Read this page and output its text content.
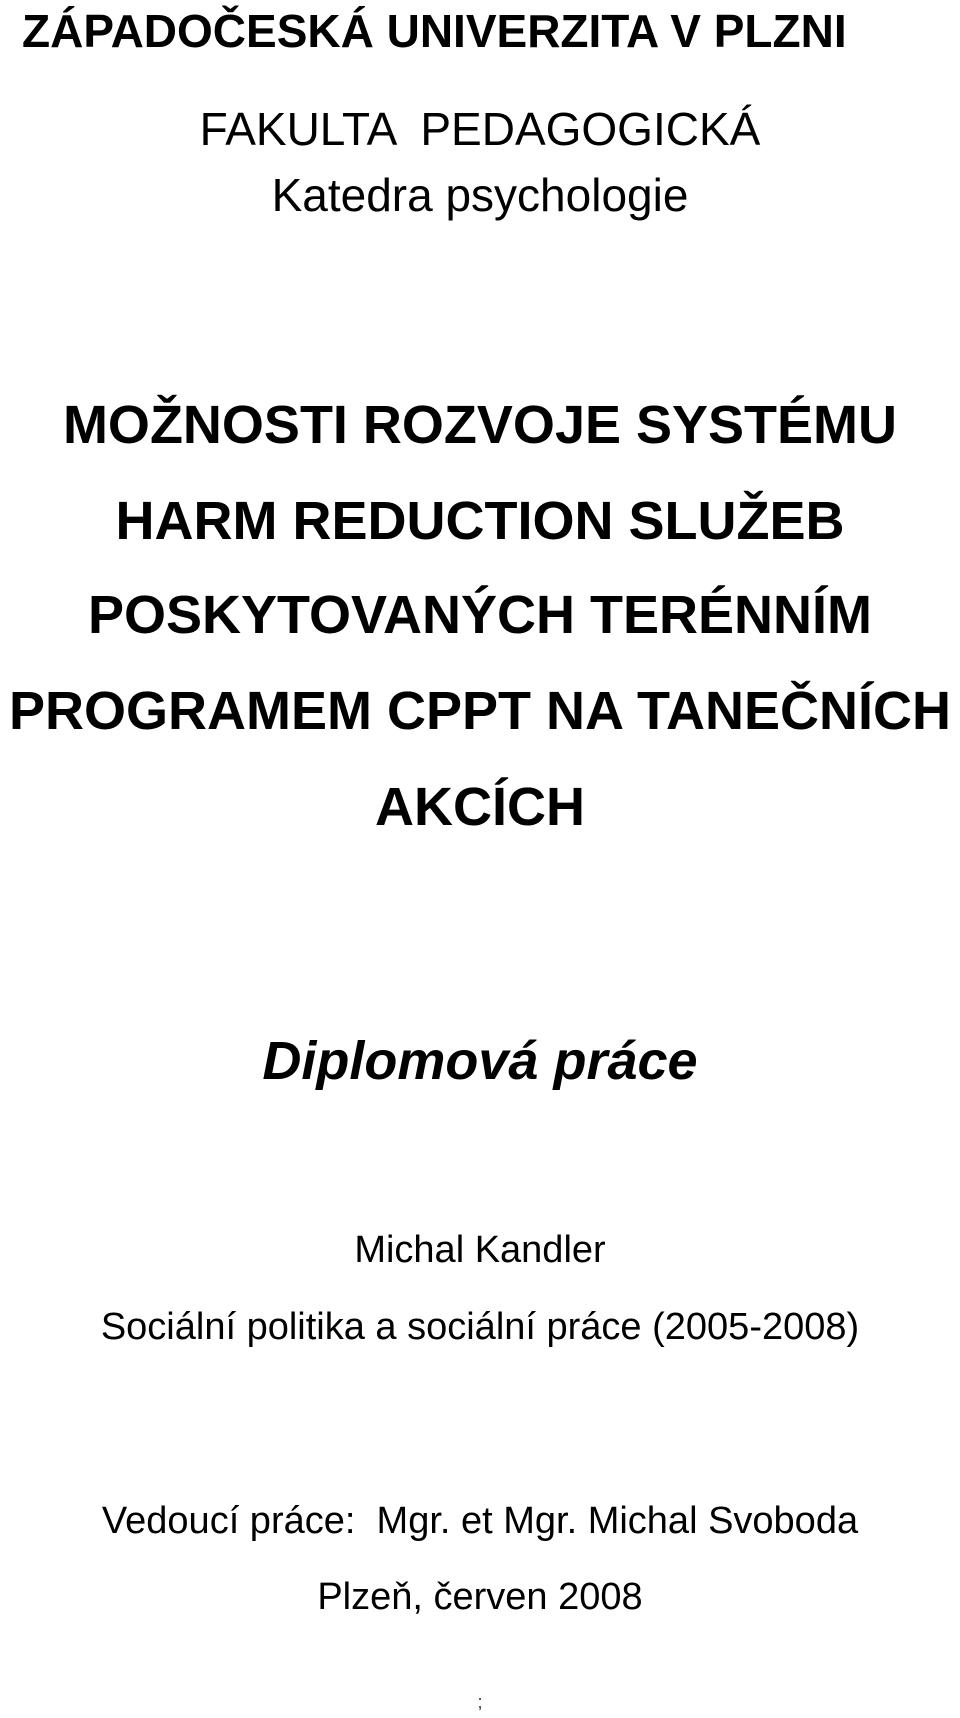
ZÁPADOČESKÁ UNIVERZITA V PLZNI
FAKULTA  PEDAGOGICKÁ
Katedra psychologie
MOŽNOSTI ROZVOJE SYSTÉMU
HARM REDUCTION SLUŽEB
POSKYTOVANÝCH TERÉNNÍM
PROGRAMEM CPPT NA TANEČNÍCH
AKCÍCH
Diplomová práce
Michal Kandler
Sociální politika a sociální práce (2005-2008)
Vedoucí práce:  Mgr. et Mgr. Michal Svoboda
Plzeň, červen 2008
;
